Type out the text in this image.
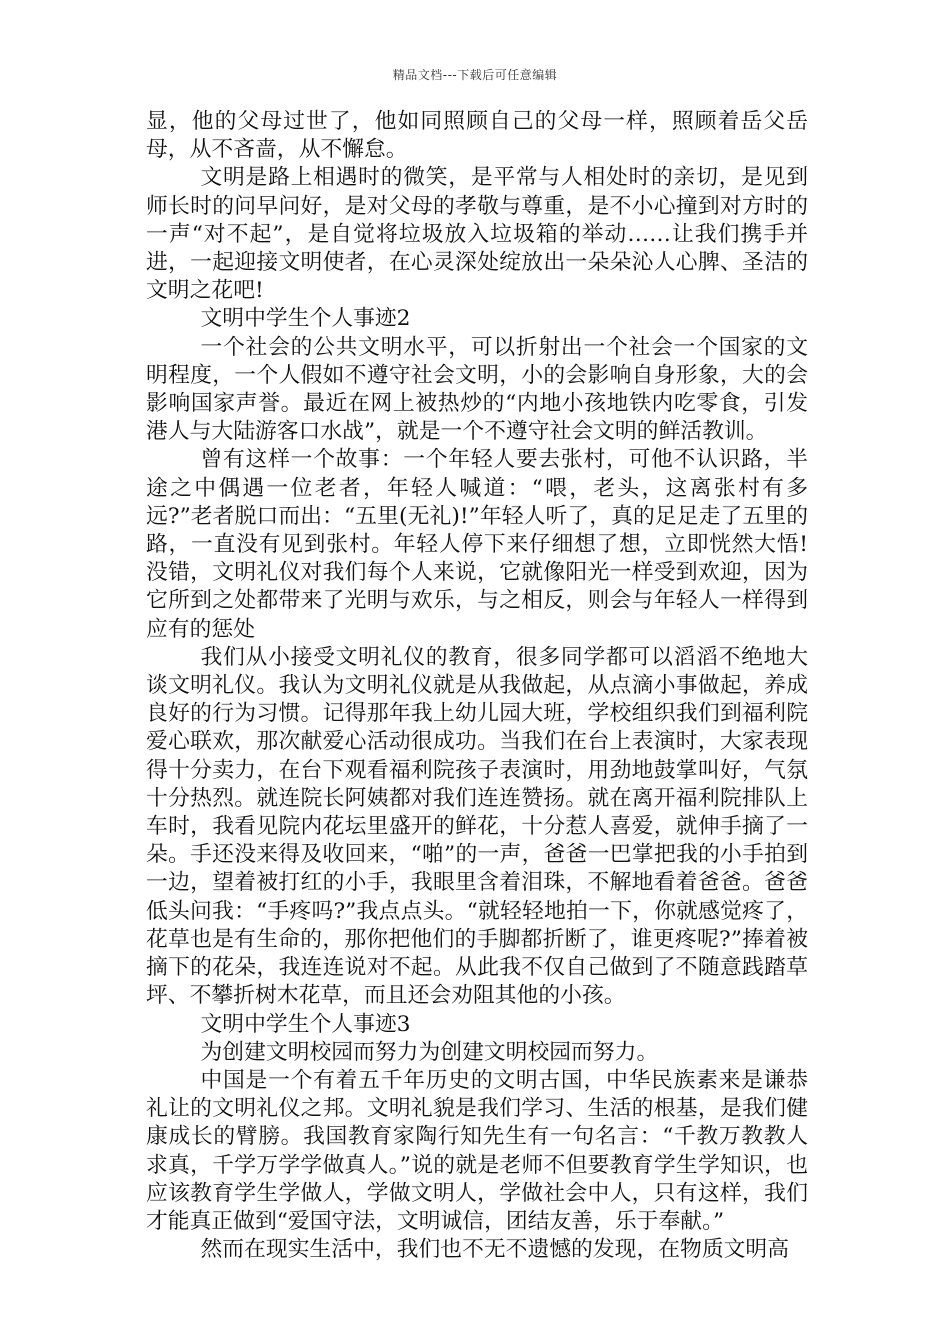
精品文档---下载后可任意编辑

显，他的父母过世了，他如同照顾自己的父母一样，照顾着岳父岳母，从不吝啬，从不懈怠。

文明是路上相遇时的微笑，是平常与人相处时的亲切，是见到师长时的问早问好，是对父母的孝敬与尊重，是不小心撞到对方时的一声“对不起”，是自觉将垃圾放入垃圾箱的举动……让我们携手并进，一起迎接文明使者，在心灵深处绽放出一朵朵沁人心脾、圣洁的文明之花吧!

文明中学生个人事迹2

一个社会的公共文明水平，可以折射出一个社会一个国家的文明程度，一个人假如不遵守社会文明，小的会影响自身形象，大的会影响国家声誉。最近在网上被热炒的“内地小孩地铁内吃零食，引发港人与大陆游客口水战”，就是一个不遵守社会文明的鲜活教训。

曾有这样一个故事：一个年轻人要去张村，可他不认识路，半途之中偶遇一位老者，年轻人喊道：“喂，老头，这离张村有多远?”老者脱口而出：“五里(无礼)!”年轻人听了，真的足足走了五里的路，一直没有见到张村。年轻人停下来仔细想了想，立即恍然大悟!没错，文明礼仪对我们每个人来说，它就像阳光一样受到欢迎，因为它所到之处都带来了光明与欢乐，与之相反，则会与年轻人一样得到应有的惩处

我们从小接受文明礼仪的教育，很多同学都可以滔滔不绝地大谈文明礼仪。我认为文明礼仪就是从我做起，从点滴小事做起，养成良好的行为习惯。记得那年我上幼儿园大班，学校组织我们到福利院爱心联欢，那次献爱心活动很成功。当我们在台上表演时，大家表现得十分卖力，在台下观看福利院孩子表演时，用劲地鼓掌叫好，气氛十分热烈。就连院长阿姨都对我们连连赞扬。就在离开福利院排队上车时，我看见院内花坛里盛开的鲜花，十分惹人喜爱，就伸手摘了一朵。手还没来得及收回来，“啪”的一声，爸爸一巴掌把我的小手拍到一边，望着被打红的小手，我眼里含着泪珠，不解地看着爸爸。爸爸低头问我：“手疼吗?”我点点头。“就轻轻地拍一下，你就感觉疼了，花草也是有生命的，那你把他们的手脚都折断了，谁更疼呢?”捧着被摘下的花朵，我连连说对不起。从此我不仅自己做到了不随意践踏草坪、不攀折树木花草，而且还会劝阻其他的小孩。

文明中学生个人事迹3

为创建文明校园而努力为创建文明校园而努力。

中国是一个有着五千年历史的文明古国，中华民族素来是谦恭礼让的文明礼仪之邦。文明礼貌是我们学习、生活的根基，是我们健康成长的臂膀。我国教育家陶行知先生有一句名言：“千教万教教人求真，千学万学学做真人。”说的就是老师不但要教育学生学知识，也应该教育学生学做人，学做文明人，学做社会中人，只有这样，我们才能真正做到“爱国守法，文明诚信，团结友善，乐于奉献。”

然而在现实生活中，我们也不无不遗憾的发现，在物质文明高
